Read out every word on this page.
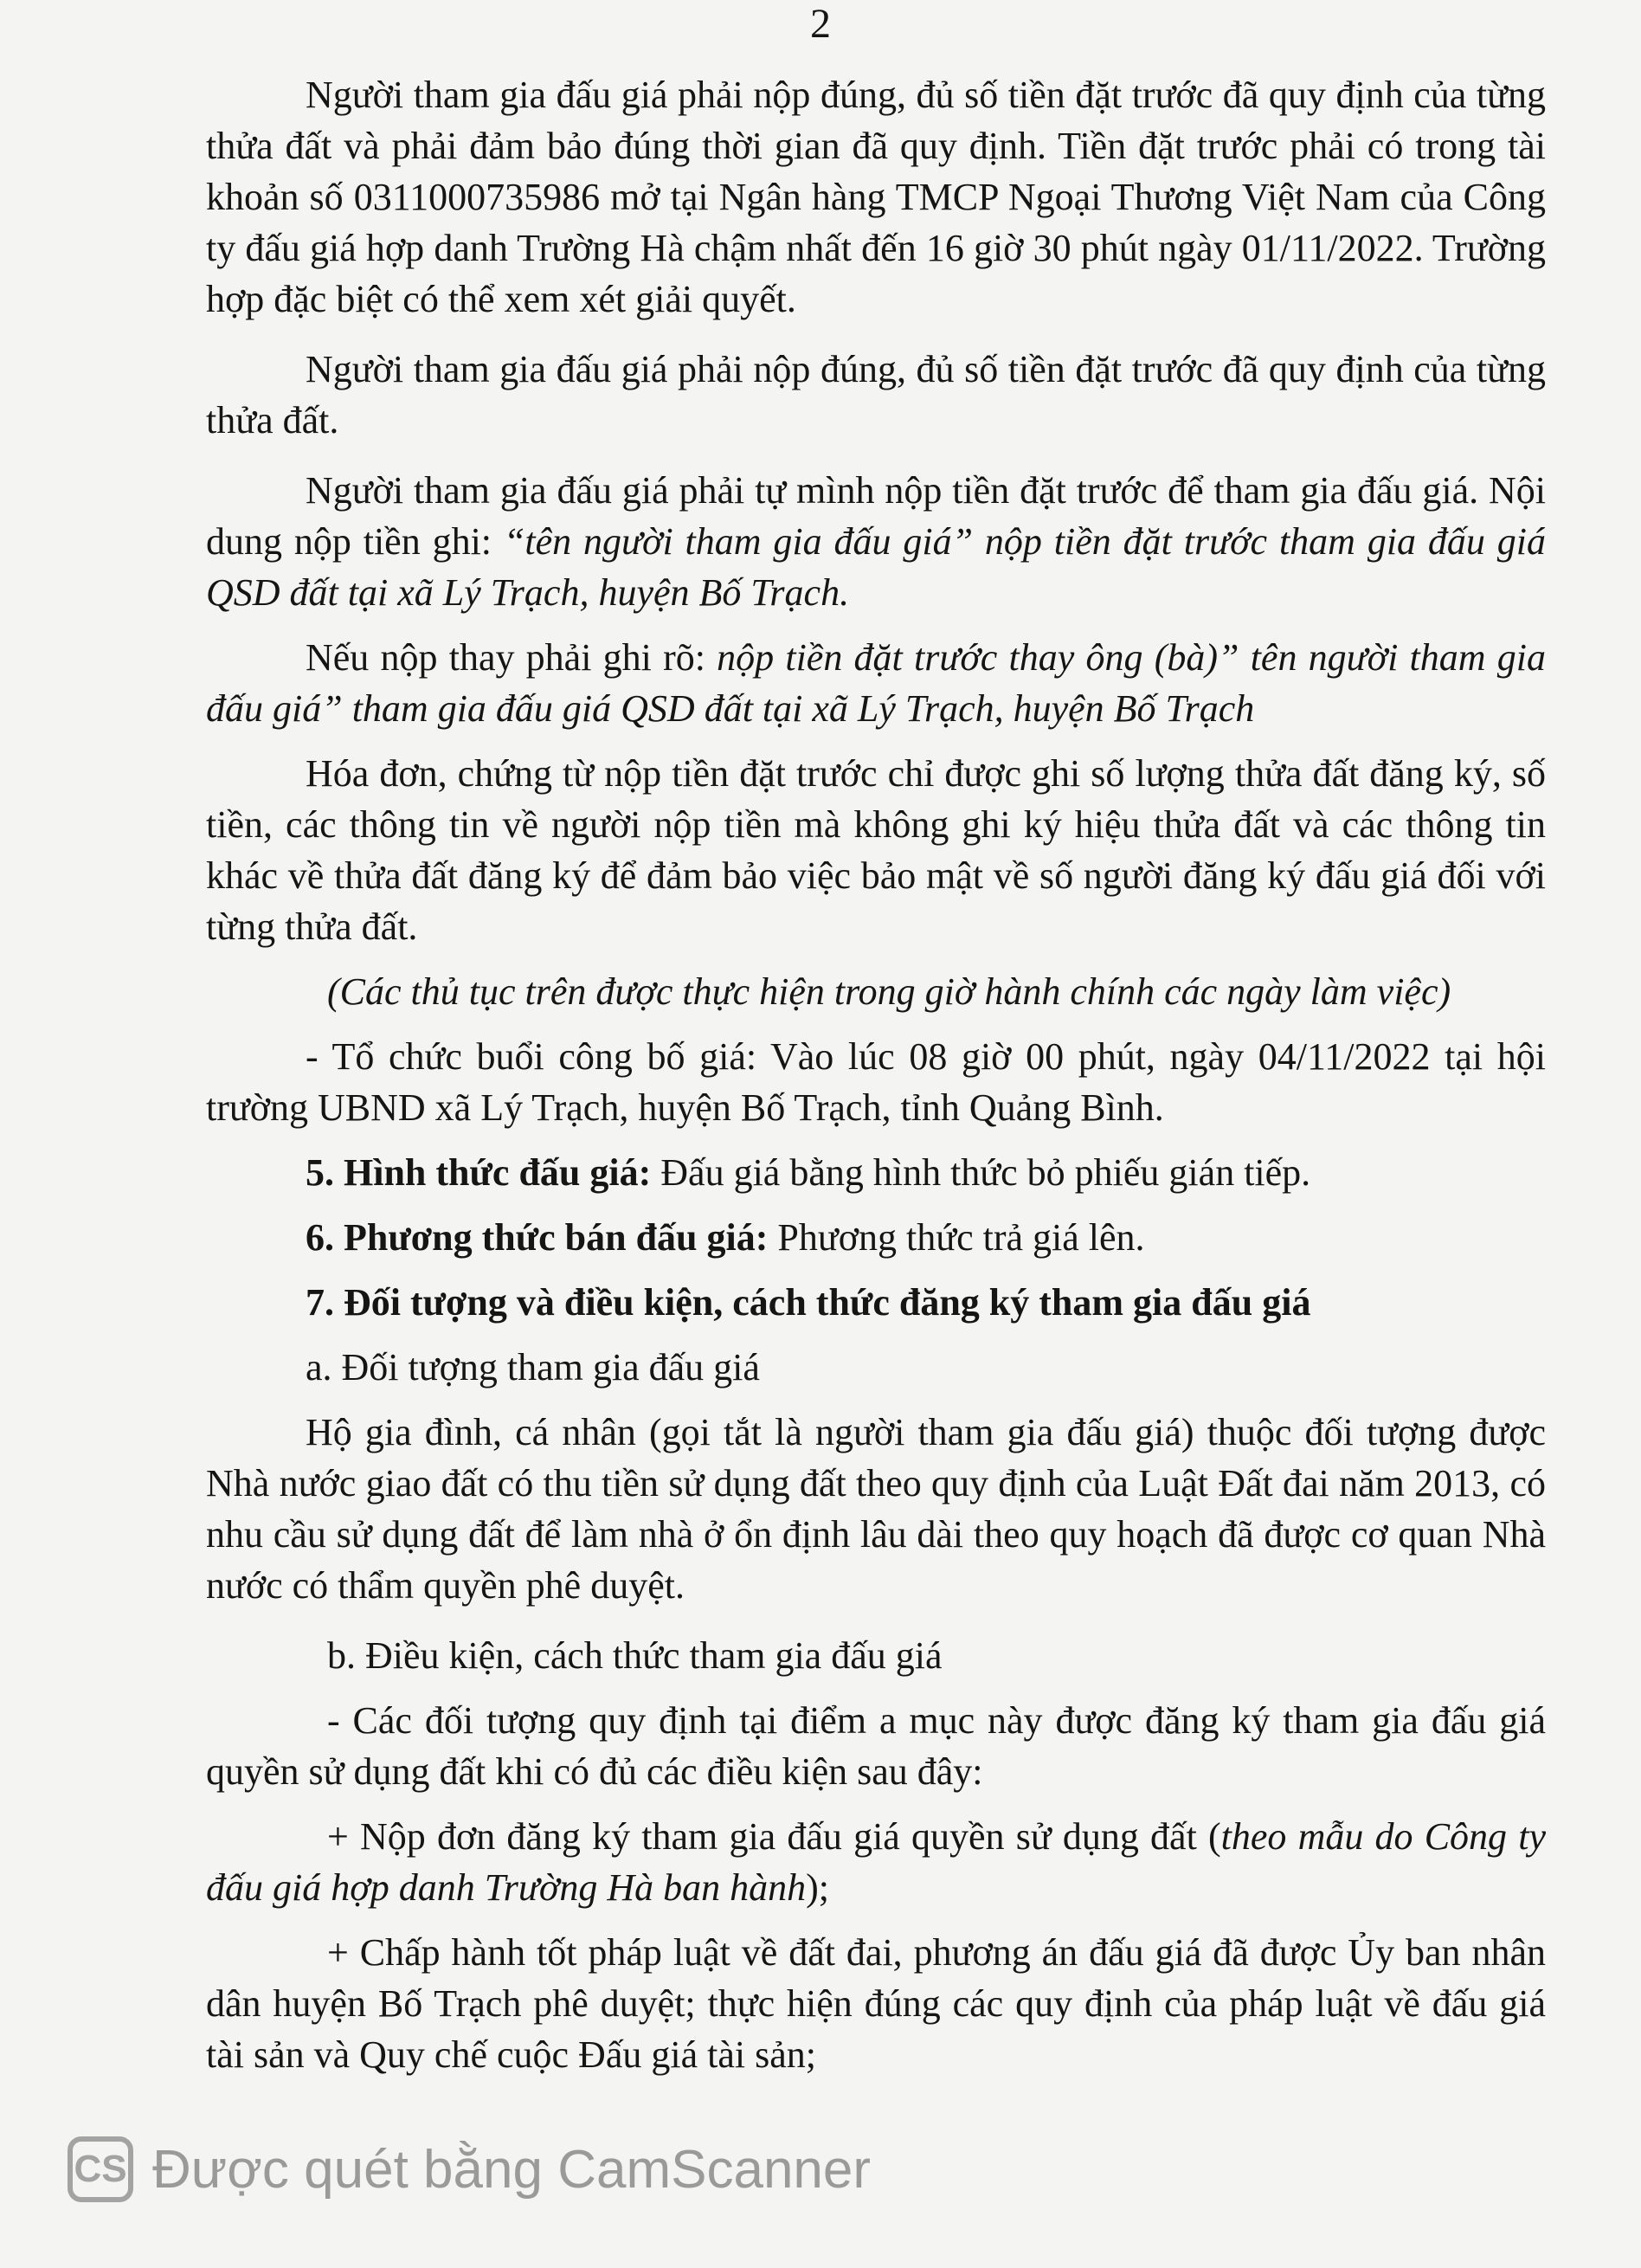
2

Người tham gia đấu giá phải nộp đúng, đủ số tiền đặt trước đã quy định của từng thửa đất và phải đảm bảo đúng thời gian đã quy định. Tiền đặt trước phải có trong tài khoản số 0311000735986 mở tại Ngân hàng TMCP Ngoại Thương Việt Nam của Công ty đấu giá hợp danh Trường Hà chậm nhất đến 16 giờ 30 phút ngày 01/11/2022. Trường hợp đặc biệt có thể xem xét giải quyết.

Người tham gia đấu giá phải nộp đúng, đủ số tiền đặt trước đã quy định của từng thửa đất.

Người tham gia đấu giá phải tự mình nộp tiền đặt trước để tham gia đấu giá. Nội dung nộp tiền ghi: “tên người tham gia đấu giá” nộp tiền đặt trước tham gia đấu giá QSD đất tại xã Lý Trạch, huyện Bố Trạch.

Nếu nộp thay phải ghi rõ: nộp tiền đặt trước thay ông (bà)” tên người tham gia đấu giá” tham gia đấu giá QSD đất tại xã Lý Trạch, huyện Bố Trạch

Hóa đơn, chứng từ nộp tiền đặt trước chỉ được ghi số lượng thửa đất đăng ký, số tiền, các thông tin về người nộp tiền mà không ghi ký hiệu thửa đất và các thông tin khác về thửa đất đăng ký để đảm bảo việc bảo mật về số người đăng ký đấu giá đối với từng thửa đất.

(Các thủ tục trên được thực hiện trong giờ hành chính các ngày làm việc)

- Tổ chức buổi công bố giá: Vào lúc 08 giờ 00 phút, ngày 04/11/2022 tại hội trường UBND xã Lý Trạch, huyện Bố Trạch, tỉnh Quảng Bình.

5. Hình thức đấu giá: Đấu giá bằng hình thức bỏ phiếu gián tiếp.

6. Phương thức bán đấu giá: Phương thức trả giá lên.

7. Đối tượng và điều kiện, cách thức đăng ký tham gia đấu giá

a. Đối tượng tham gia đấu giá

Hộ gia đình, cá nhân (gọi tắt là người tham gia đấu giá) thuộc đối tượng được Nhà nước giao đất có thu tiền sử dụng đất theo quy định của Luật Đất đai năm 2013, có nhu cầu sử dụng đất để làm nhà ở ổn định lâu dài theo quy hoạch đã được cơ quan Nhà nước có thẩm quyền phê duyệt.

b. Điều kiện, cách thức tham gia đấu giá

- Các đối tượng quy định tại điểm a mục này được đăng ký tham gia đấu giá quyền sử dụng đất khi có đủ các điều kiện sau đây:

+ Nộp đơn đăng ký tham gia đấu giá quyền sử dụng đất (theo mẫu do Công ty đấu giá hợp danh Trường Hà ban hành);

+ Chấp hành tốt pháp luật về đất đai, phương án đấu giá đã được Ủy ban nhân dân huyện Bố Trạch phê duyệt; thực hiện đúng các quy định của pháp luật về đấu giá tài sản và Quy chế cuộc Đấu giá tài sản;

CS Được quét bằng CamScanner
